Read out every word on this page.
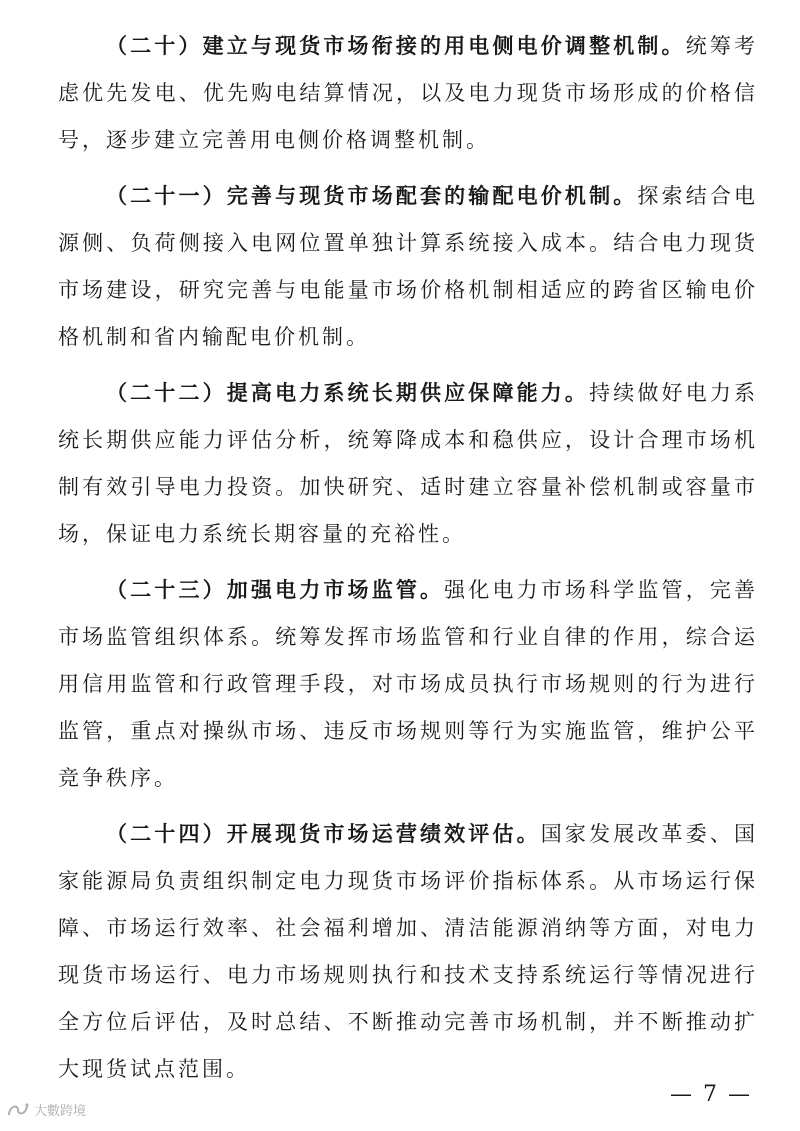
（二十）建立与现货市场衔接的用电侧电价调整机制。统筹考虑优先发电、优先购电结算情况，以及电力现货市场形成的价格信号，逐步建立完善用电侧价格调整机制。

（二十一）完善与现货市场配套的输配电价机制。探索结合电源侧、负荷侧接入电网位置单独计算系统接入成本。结合电力现货市场建设，研究完善与电能量市场价格机制相适应的跨省区输电价格机制和省内输配电价机制。

（二十二）提高电力系统长期供应保障能力。持续做好电力系统长期供应能力评估分析，统筹降成本和稳供应，设计合理市场机制有效引导电力投资。加快研究、适时建立容量补偿机制或容量市场，保证电力系统长期容量的充裕性。

（二十三）加强电力市场监管。强化电力市场科学监管，完善市场监管组织体系。统筹发挥市场监管和行业自律的作用，综合运用信用监管和行政管理手段，对市场成员执行市场规则的行为进行监管，重点对操纵市场、违反市场规则等行为实施监管，维护公平竞争秩序。

（二十四）开展现货市场运营绩效评估。国家发展改革委、国家能源局负责组织制定电力现货市场评价指标体系。从市场运行保障、市场运行效率、社会福利增加、清洁能源消纳等方面，对电力现货市场运行、电力市场规则执行和技术支持系统运行等情况进行全方位后评估，及时总结、不断推动完善市场机制，并不断推动扩大现货试点范围。

— 7 —
大數跨境
